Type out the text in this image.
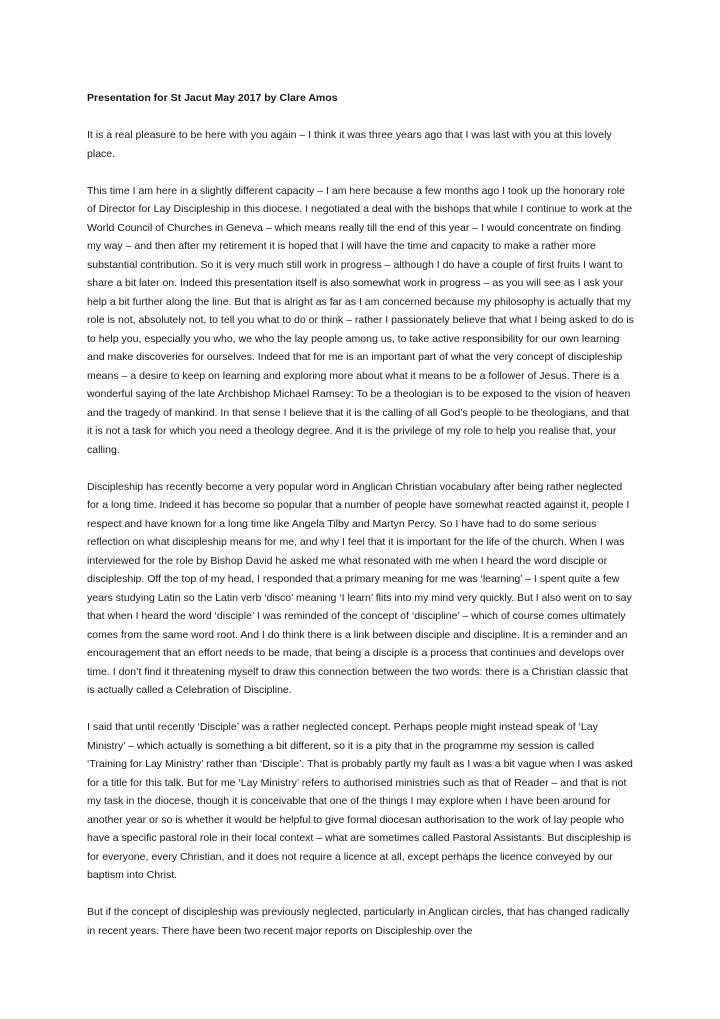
Presentation for St Jacut May 2017 by Clare Amos
It is a real pleasure to be here with you again – I think it was three years ago that I was last with you at this lovely place.
This time I am here in a slightly different capacity – I am here because a few months ago I took up the honorary role of Director for Lay Discipleship in this diocese. I negotiated a deal with the bishops that while I continue to work at the World Council of Churches in Geneva – which means really till the end of this year – I would concentrate on finding my way – and then after my retirement it is hoped that I will have the time and capacity to make a rather more substantial contribution. So it is very much still work in progress – although I do have a couple of first fruits I want to share a bit later on. Indeed this presentation itself is also somewhat work in progress – as you will see as I ask your help a bit further along the line. But that is alright as far as I am concerned because my philosophy is actually that my role is not, absolutely not, to tell you what to do or think – rather I passionately believe that what I being asked to do is to help you, especially you who, we who the lay people among us, to take active responsibility for our own learning and make discoveries for ourselves. Indeed that for me is an important part of what the very concept of discipleship means – a desire to keep on learning and exploring more about what it means to be a follower of Jesus. There is a wonderful saying of the late Archbishop Michael Ramsey: To be a theologian is to be exposed to the vision of heaven and the tragedy of mankind. In that sense I believe that it is the calling of all God’s people to be theologians, and that it is not a task for which you need a theology degree. And it is the privilege of my role to help you realise that, your calling.
Discipleship has recently become a very popular word in Anglican Christian vocabulary after being rather neglected for a long time. Indeed it has become so popular that a number of people have somewhat reacted against it, people I respect and have known for a long time like Angela Tilby and Martyn Percy. So I have had to do some serious reflection on what discipleship means for me, and why I feel that it is important for the life of the church. When I was interviewed for the role by Bishop David he asked me what resonated with me when I heard the word disciple or discipleship. Off the top of my head, I responded that a primary meaning for me was ‘learning’ – I spent quite a few years studying Latin so the Latin verb ‘disco’ meaning ‘I learn’ flits into my mind very quickly. But I also went on to say that when I heard the word ‘disciple’ I was reminded of the concept of ‘discipline’ – which of course comes ultimately comes from the same word root. And I do think there is a link between disciple and discipline. It is a reminder and an encouragement that an effort needs to be made, that being a disciple is a process that continues and develops over time. I don’t find it threatening myself to draw this connection between the two words: there is a Christian classic that is actually called a Celebration of Discipline.
I said that until recently ‘Disciple’ was a rather neglected concept. Perhaps people might instead speak of ‘Lay Ministry’ – which actually is something a bit different, so it is a pity that in the programme my session is called ‘Training for Lay Ministry’ rather than ‘Disciple’. That is probably partly my fault as I was a bit vague when I was asked for a title for this talk. But for me ‘Lay Ministry’ refers to authorised ministries such as that of Reader – and that is not my task in the diocese, though it is conceivable that one of the things I may explore when I have been around for another year or so is whether it would be helpful to give formal diocesan authorisation to the work of lay people who have a specific pastoral role in their local context – what are sometimes called Pastoral Assistants. But discipleship is for everyone, every Christian, and it does not require a licence at all, except perhaps the licence conveyed by our baptism into Christ.
But if the concept of discipleship was previously neglected, particularly in Anglican circles, that has changed radically in recent years. There have been two recent major reports on Discipleship over the
